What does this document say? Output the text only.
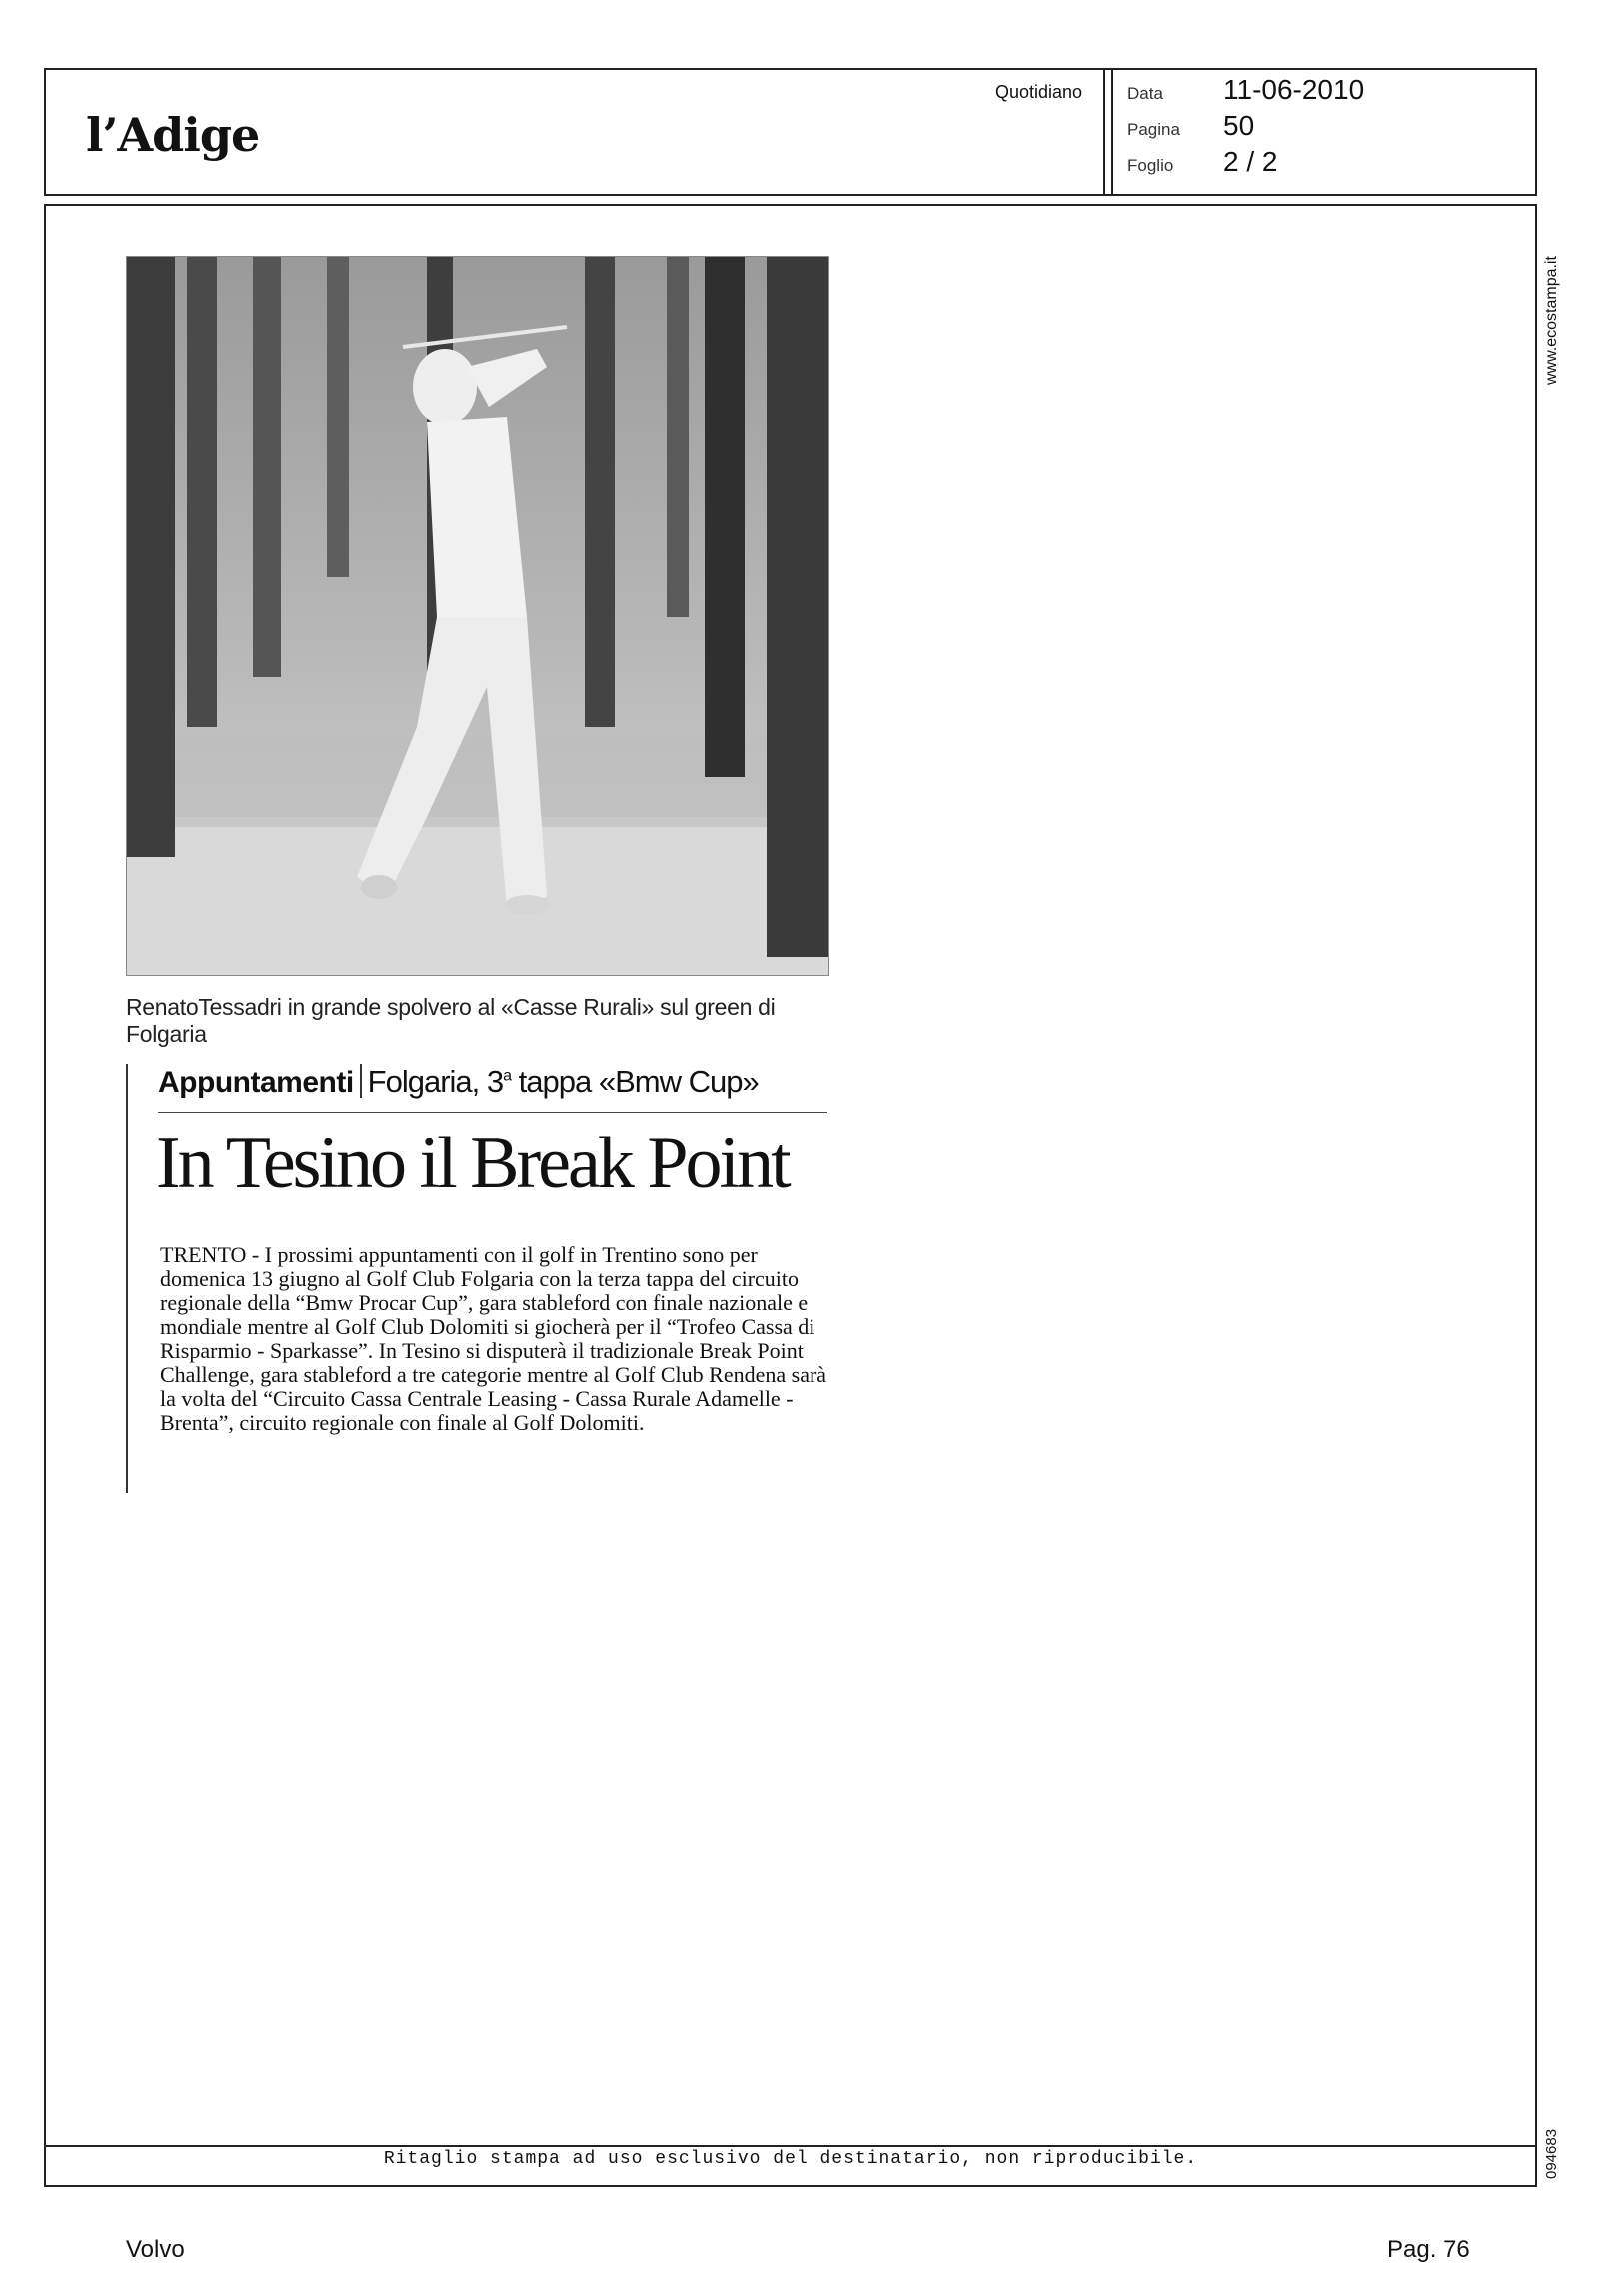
l’Adige
Quotidiano	Data 11-06-2010
Pagina 50
Foglio 2 / 2
www.ecostampa.it
094683
Ritaglio stampa ad uso esclusivo del destinatario, non riproducibile.
RenatoTessadri in grande spolvero al «Casse Rurali» sul green di Folgaria
Appuntamenti Folgaria, 3$^a$ tappa «Bmw Cup»
In Tesino il Break Point
TRENTO - I prossimi appuntamenti con il golf in Trentino sono per domenica 13 giugno al Golf Club Folgaria con la terza tappa del circuito regionale della “Bmw Procar Cup”, gara stableford con finale nazionale e mondiale mentre al Golf Club Dolomiti si giocherà per il “Trofeo Cassa di Risparmio - Sparkasse”. In Tesino si disputerà il tradizionale Break Point Challenge, gara stableford a tre categorie mentre al Golf Club Rendena sarà la volta del “Circuito Cassa Centrale Leasing - Cassa Rurale Adamelle - Brenta”, circuito regionale con finale al Golf Dolomiti.
Volvo	Pag. 76
